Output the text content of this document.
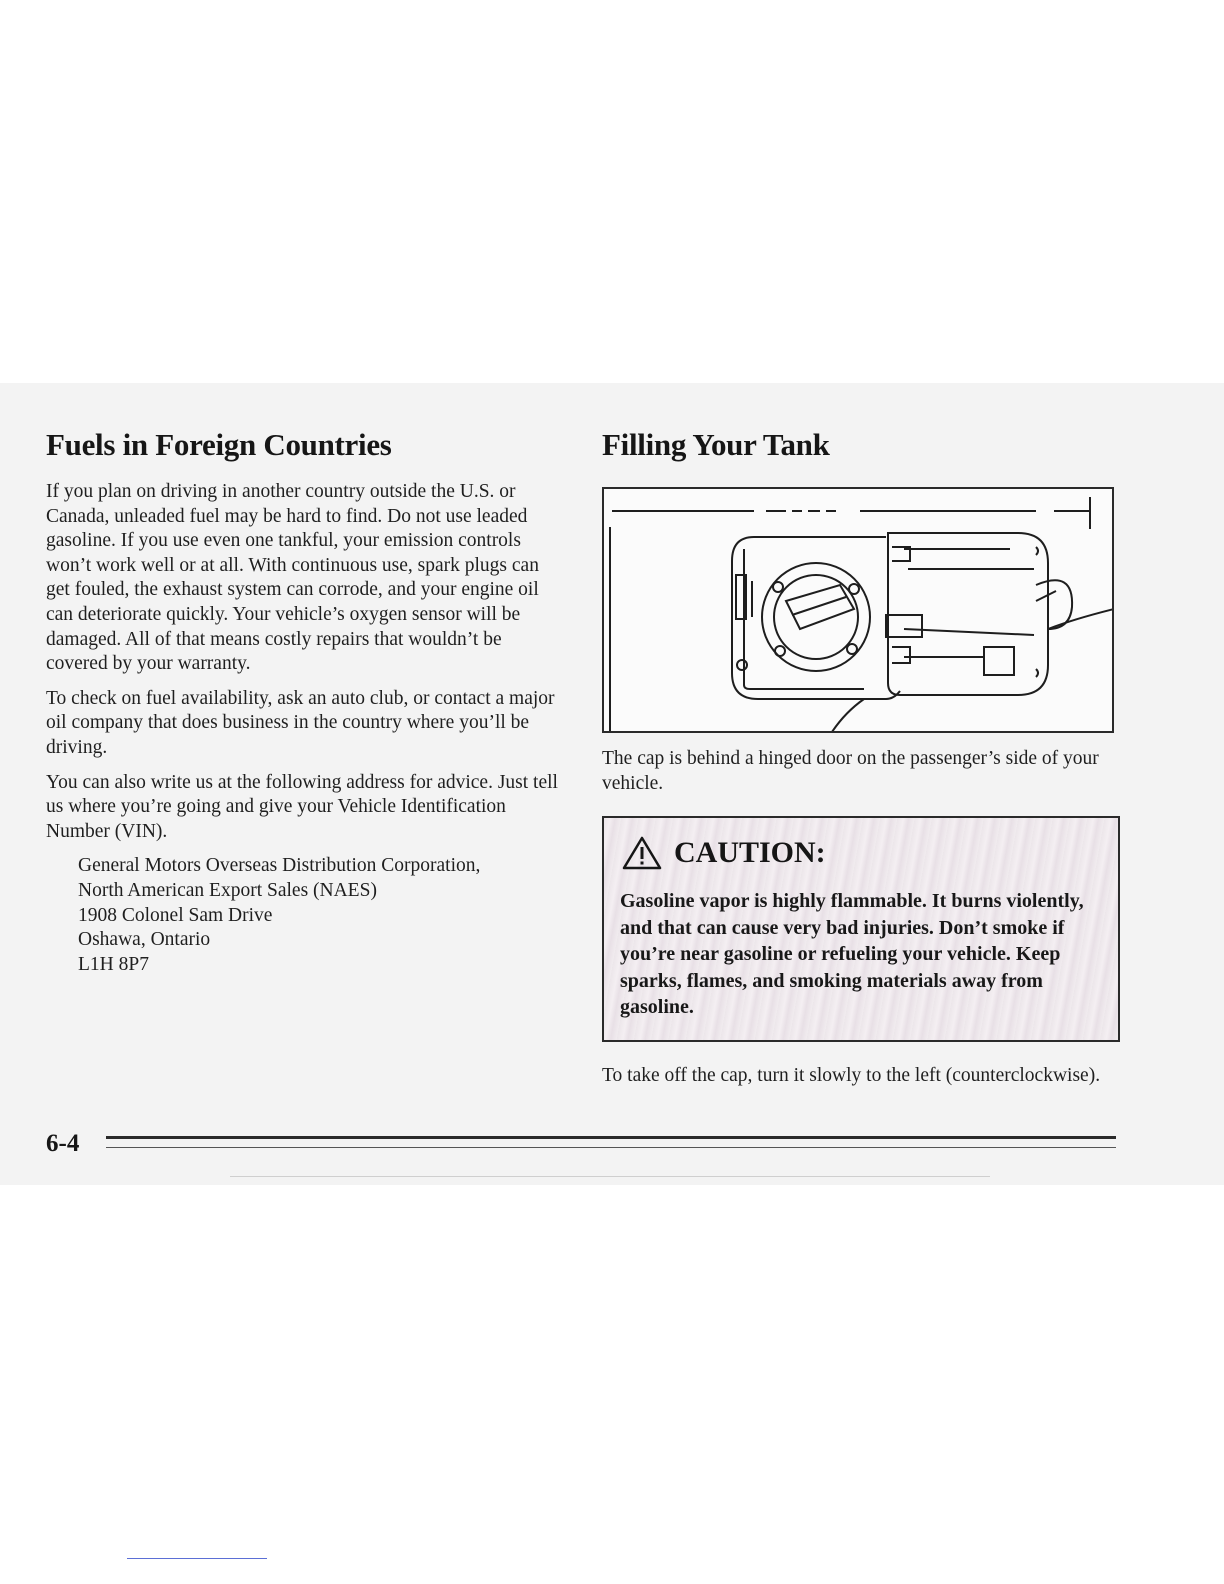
Fuels in Foreign Countries

If you plan on driving in another country outside the U.S. or Canada, unleaded fuel may be hard to find. Do not use leaded gasoline. If you use even one tankful, your emission controls won’t work well or at all. With continuous use, spark plugs can get fouled, the exhaust system can corrode, and your engine oil can deteriorate quickly. Your vehicle’s oxygen sensor will be damaged. All of that means costly repairs that wouldn’t be covered by your warranty.

To check on fuel availability, ask an auto club, or contact a major oil company that does business in the country where you’ll be driving.

You can also write us at the following address for advice. Just tell us where you’re going and give your Vehicle Identification Number (VIN).

General Motors Overseas Distribution Corporation,
North American Export Sales (NAES)
1908 Colonel Sam Drive
Oshawa, Ontario
L1H 8P7
Filling Your Tank
The cap is behind a hinged door on the passenger’s side of your vehicle.
CAUTION:
Gasoline vapor is highly flammable. It burns violently, and that can cause very bad injuries. Don’t smoke if you’re near gasoline or refueling your vehicle. Keep sparks, flames, and smoking materials away from gasoline.
To take off the cap, turn it slowly to the left (counterclockwise).
6-4
